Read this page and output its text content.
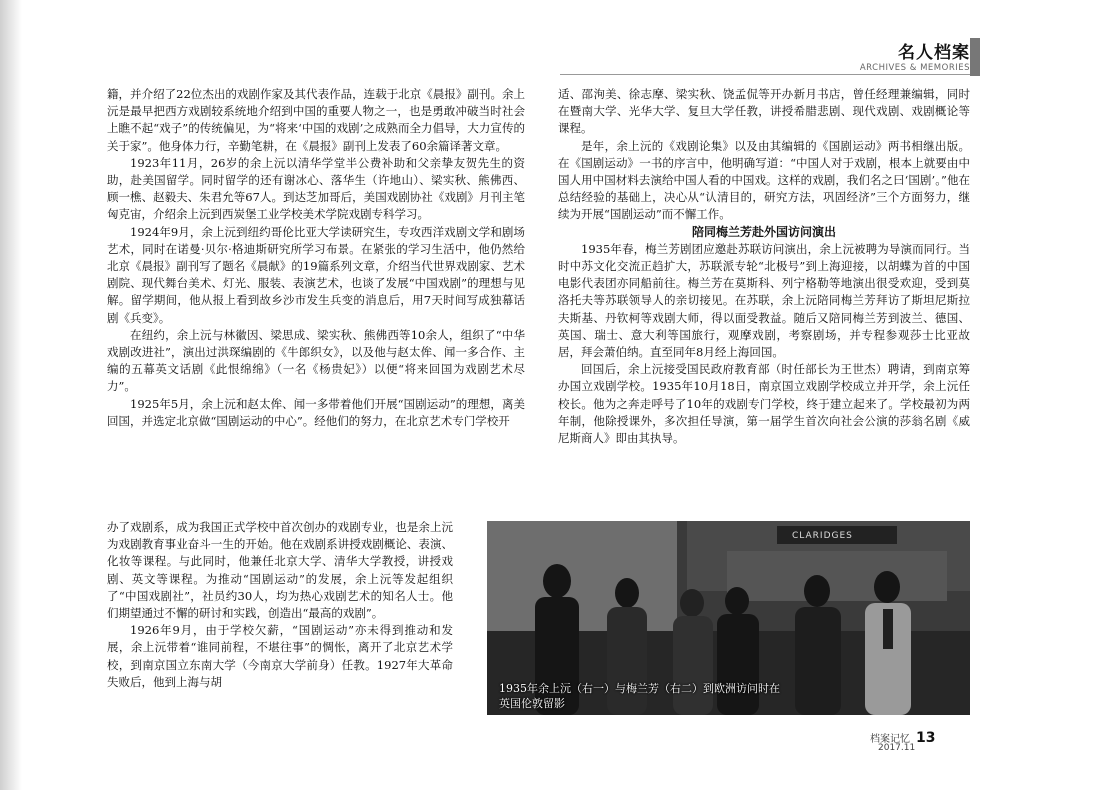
名人档案
ARCHIVES & MEMORIES

籍，并介绍了22位杰出的戏剧作家及其代表作品，连载于北京《晨报》副刊。余上沅是最早把西方戏剧较系统地介绍到中国的重要人物之一，也是勇敢冲破当时社会上瞧不起“戏子”的传统偏见，为“将来‘中国的戏剧’之成熟而全力倡导，大力宣传的关于家”。他身体力行，辛勤笔耕，在《晨报》副刊上发表了60余篇译著文章。

1923年11月，26岁的余上沅以清华学堂半公费补助和父亲挚友贺先生的资助，赴美国留学。同时留学的还有谢冰心、落华生（许地山）、梁实秋、熊佛西、顾一樵、赵毅夫、朱君允等67人。到达芝加哥后，美国戏剧协社《戏剧》月刊主笔匈克宙，介绍余上沅到西炭堡工业学校美术学院戏剧专科学习。

1924年9月，余上沅到纽约哥伦比亚大学读研究生，专攻西洋戏剧文学和剧场艺术，同时在诺曼·贝尔·格迪斯研究所学习布景。在紧张的学习生活中，他仍然给北京《晨报》副刊写了题名《晨献》的19篇系列文章，介绍当代世界戏剧家、艺术剧院、现代舞台美术、灯光、服装、表演艺术，也谈了发展“中国戏剧”的理想与见解。留学期间，他从报上看到故乡沙市发生兵变的消息后，用7天时间写成独幕话剧《兵变》。

在纽约，余上沅与林徽因、梁思成、梁实秋、熊佛西等10余人，组织了“中华戏剧改进社”，演出过洪琛编剧的《牛郎织女》，以及他与赵太侔、闻一多合作、主编的五幕英文话剧《此恨绵绵》（一名《杨贵妃》）以便“将来回国为戏剧艺术尽力”。

1925年5月，余上沅和赵太侔、闻一多带着他们开展“国剧运动”的理想，离美回国，并选定北京做“国剧运动的中心”。经他们的努力，在北京艺术专门学校开

办了戏剧系，成为我国正式学校中首次创办的戏剧专业，也是余上沅为戏剧教育事业奋斗一生的开始。他在戏剧系讲授戏剧概论、表演、化妆等课程。与此同时，他兼任北京大学、清华大学教授，讲授戏剧、英文等课程。为推动“国剧运动”的发展，余上沅等发起组织了“中国戏剧社”，社员约30人，均为热心戏剧艺术的知名人士。他们期望通过不懈的研讨和实践，创造出“最高的戏剧”。

1926年9月，由于学校欠薪，“国剧运动”亦未得到推动和发展，余上沅带着“谁同前程，不堪往事”的惆怅，离开了北京艺术学校，到南京国立东南大学（今南京大学前身）任教。1927年大革命失败后，他到上海与胡

适、邵洵美、徐志摩、梁实秋、饶孟侃等开办新月书店，曾任经理兼编辑，同时在暨南大学、光华大学、复旦大学任教，讲授希腊悲剧、现代戏剧、戏剧概论等课程。

是年，余上沅的《戏剧论集》以及由其编辑的《国剧运动》两书相继出版。在《国剧运动》一书的序言中，他明确写道：“中国人对于戏剧，根本上就要由中国人用中国材料去演给中国人看的中国戏。这样的戏剧，我们名之曰‘国剧’。”他在总结经验的基础上，决心从“认清目的，研究方法，巩固经济”三个方面努力，继续为开展“国剧运动”而不懈工作。

陪同梅兰芳赴外国访问演出

1935年春，梅兰芳剧团应邀赴苏联访问演出，余上沅被聘为导演而同行。当时中苏文化交流正趋扩大，苏联派专轮“北极号”到上海迎接，以胡蝶为首的中国电影代表团亦同船前往。梅兰芳在莫斯科、列宁格勒等地演出很受欢迎，受到莫洛托夫等苏联领导人的亲切接见。在苏联，余上沅陪同梅兰芳拜访了斯坦尼斯拉夫斯基、丹钦柯等戏剧大师，得以面受教益。随后又陪同梅兰芳到波兰、德国、英国、瑞士、意大利等国旅行，观摩戏剧，考察剧场，并专程参观莎士比亚故居，拜会萧伯纳。直至同年8月经上海回国。

回国后，余上沅接受国民政府教育部（时任部长为王世杰）聘请，到南京筹办国立戏剧学校。1935年10月18日，南京国立戏剧学校成立并开学，余上沅任校长。他为之奔走呼号了10年的戏剧专门学校，终于建立起来了。学校最初为两年制，他除授课外，多次担任导演，第一届学生首次向社会公演的莎翁名剧《威尼斯商人》即由其执导。

CLARIDGES
1935年余上沅（右一）与梅兰芳（右二）到欧洲访问时在
英国伦敦留影
档案记忆 13
2017.11
